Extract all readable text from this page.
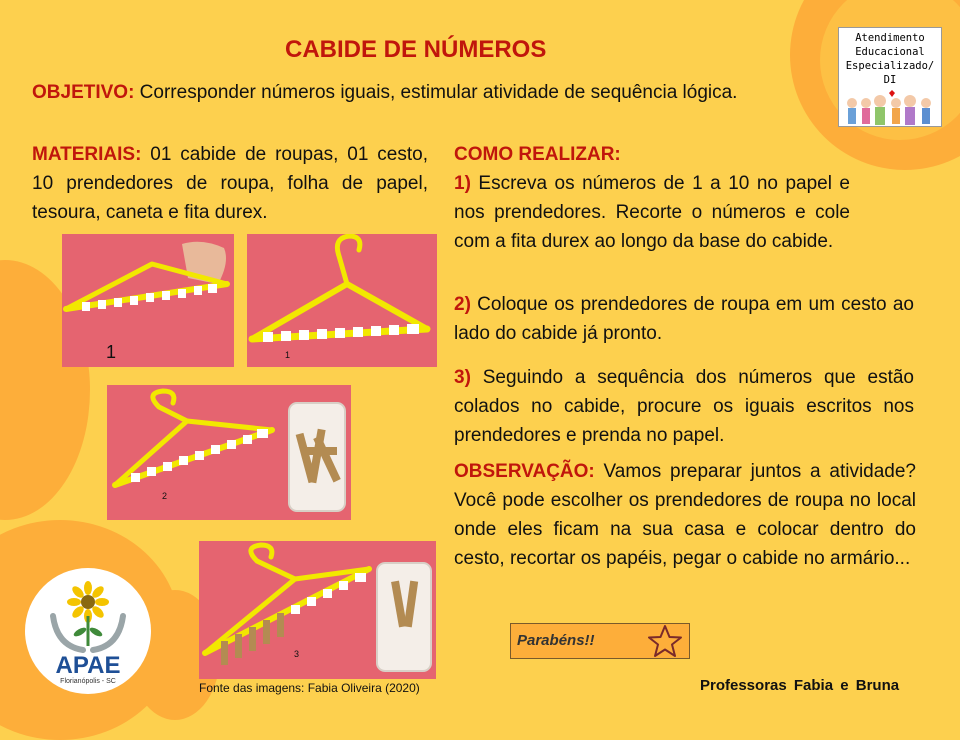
CABIDE DE NÚMEROS	Atendimento
Educacional
Especializado/ DI
OBJETIVO: Corresponder números iguais, estimular atividade de sequência lógica.
MATERIAIS: 01 cabide de roupas, 01 cesto, 10 prendedores de roupa, folha de papel, tesoura, caneta e fita durex.
COMO REALIZAR:
1) Escreva os números de 1 a 10 no papel e nos prendedores. Recorte o números e cole com a fita durex ao longo da base do cabide.
2) Coloque os prendedores de roupa em um cesto ao lado do cabide já pronto.
3) Seguindo a sequência dos números que estão colados no cabide, procure os iguais escritos nos prendedores e prenda no papel.
OBSERVAÇÃO: Vamos preparar juntos a atividade? Você pode escolher os prendedores de roupa no local onde eles ficam na sua casa e colocar dentro do cesto, recortar os papéis, pegar o cabide no armário...
1	1
2
3
Fonte das imagens: Fabia Oliveira (2020)
APAE
Florianópolis - SC
Parabéns!!
Professoras Fabia e Bruna
